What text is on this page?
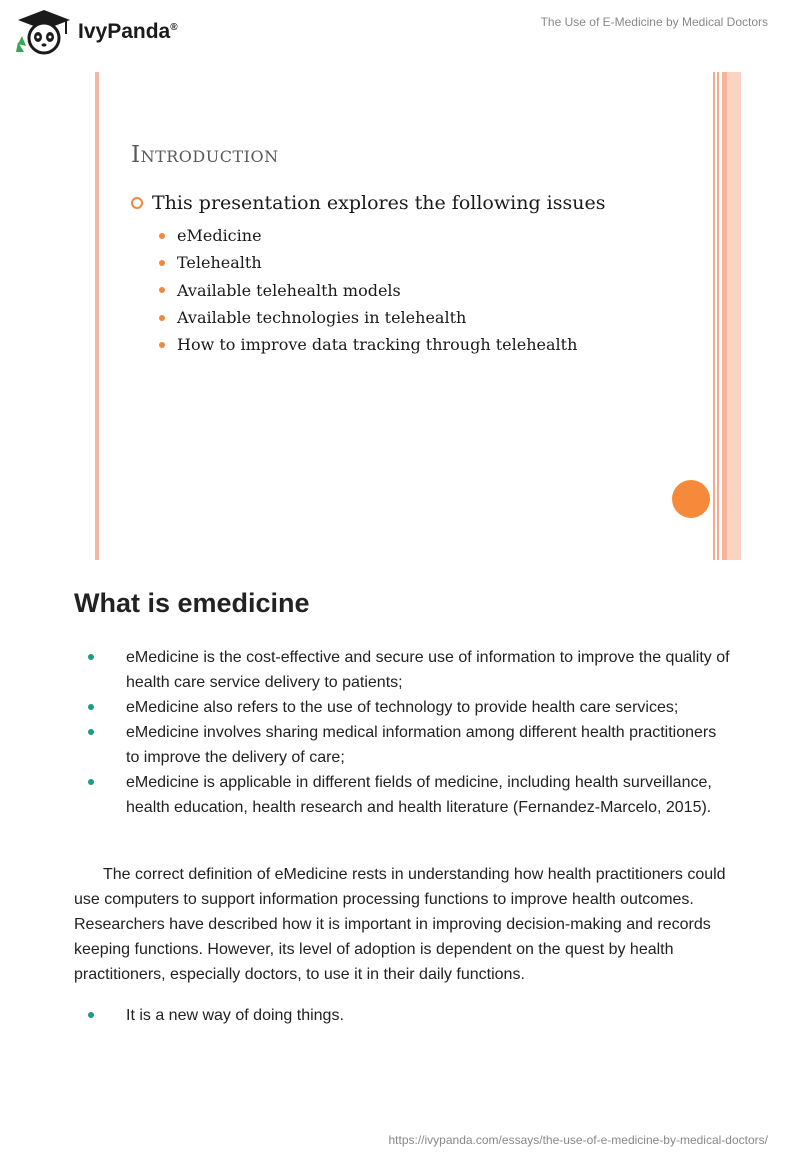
IvyPanda®	The Use of E-Medicine by Medical Doctors
Introduction
This presentation explores the following issues
eMedicine
Telehealth
Available telehealth models
Available technologies in telehealth
How to improve data tracking through telehealth
What is emedicine
eMedicine is the cost-effective and secure use of information to improve the quality of health care service delivery to patients;
eMedicine also refers to the use of technology to provide health care services;
eMedicine involves sharing medical information among different health practitioners to improve the delivery of care;
eMedicine is applicable in different fields of medicine, including health surveillance, health education, health research and health literature (Fernandez-Marcelo, 2015).

The correct definition of eMedicine rests in understanding how health practitioners could use computers to support information processing functions to improve health outcomes. Researchers have described how it is important in improving decision-making and records keeping functions. However, its level of adoption is dependent on the quest by health practitioners, especially doctors, to use it in their daily functions.

It is a new way of doing things.
https://ivypanda.com/essays/the-use-of-e-medicine-by-medical-doctors/
